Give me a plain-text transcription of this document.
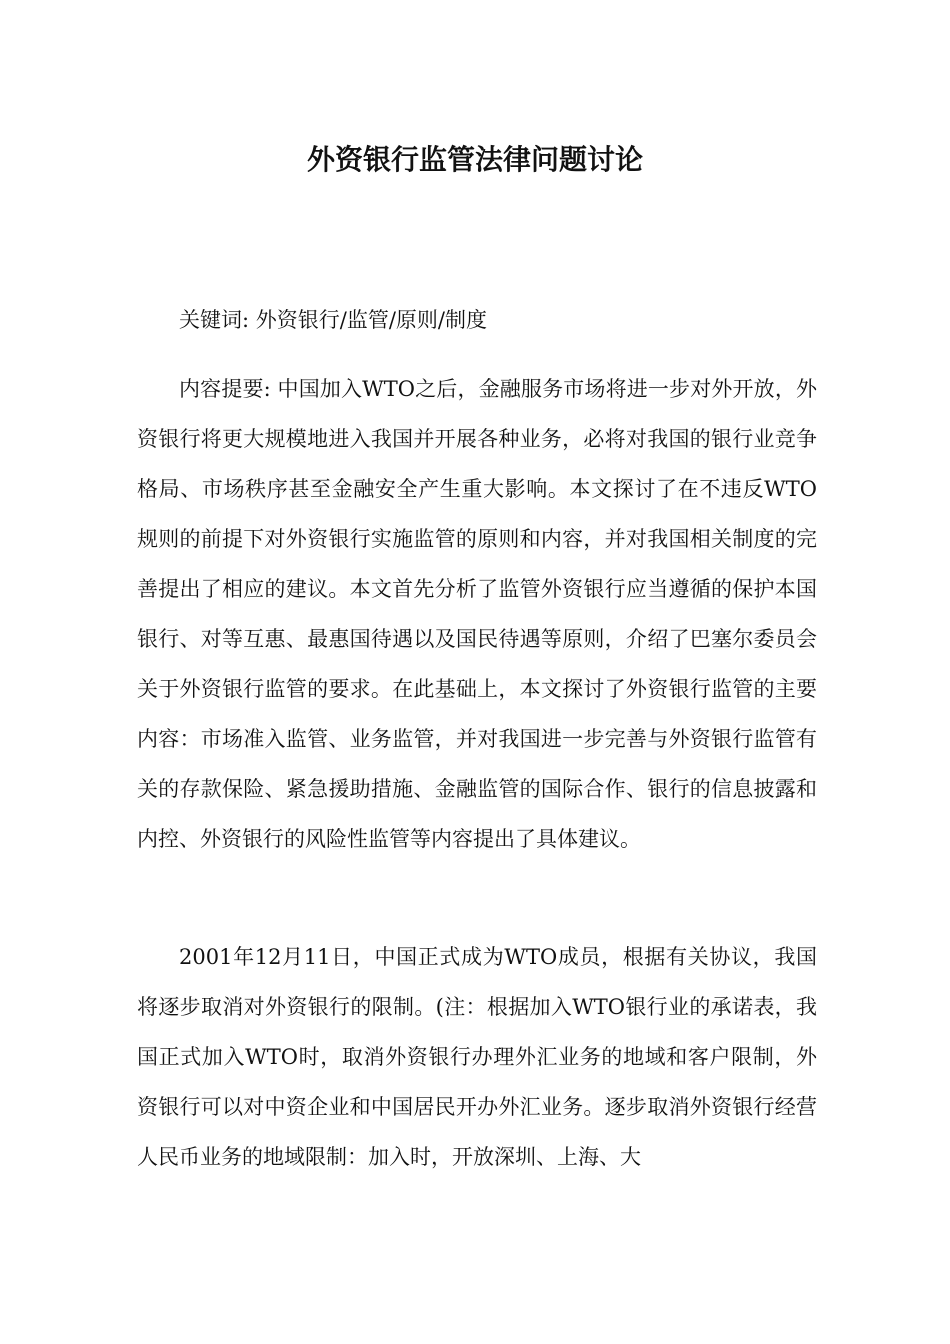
外资银行监管法律问题讨论

关键词: 外资银行/监管/原则/制度

内容提要: 中国加入WTO之后，金融服务市场将进一步对外开放，外资银行将更大规模地进入我国并开展各种业务，必将对我国的银行业竞争格局、市场秩序甚至金融安全产生重大影响。本文探讨了在不违反WTO规则的前提下对外资银行实施监管的原则和内容，并对我国相关制度的完善提出了相应的建议。本文首先分析了监管外资银行应当遵循的保护本国银行、对等互惠、最惠国待遇以及国民待遇等原则，介绍了巴塞尔委员会关于外资银行监管的要求。在此基础上，本文探讨了外资银行监管的主要内容：市场准入监管、业务监管，并对我国进一步完善与外资银行监管有关的存款保险、紧急援助措施、金融监管的国际合作、银行的信息披露和内控、外资银行的风险性监管等内容提出了具体建议。

2001年12月11日，中国正式成为WTO成员，根据有关协议，我国将逐步取消对外资银行的限制。(注：根据加入WTO银行业的承诺表，我国正式加入WTO时，取消外资银行办理外汇业务的地域和客户限制，外资银行可以对中资企业和中国居民开办外汇业务。逐步取消外资银行经营人民币业务的地域限制：加入时，开放深圳、上海、大
